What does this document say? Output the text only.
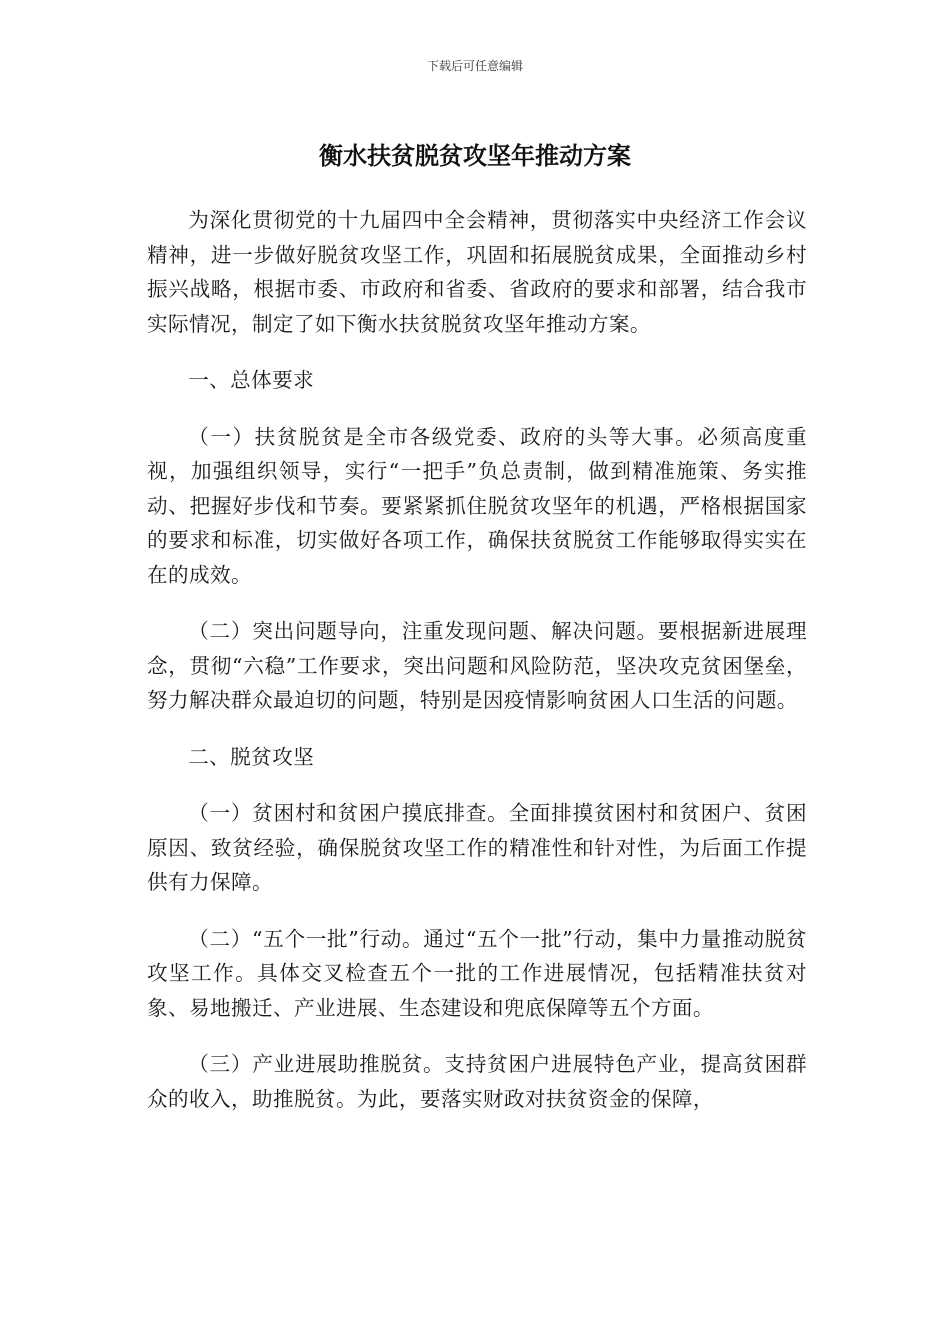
下载后可任意编辑
衡水扶贫脱贫攻坚年推动方案

为深化贯彻党的十九届四中全会精神，贯彻落实中央经济工作会议精神，进一步做好脱贫攻坚工作，巩固和拓展脱贫成果，全面推动乡村振兴战略，根据市委、市政府和省委、省政府的要求和部署，结合我市实际情况，制定了如下衡水扶贫脱贫攻坚年推动方案。

一、总体要求

（一）扶贫脱贫是全市各级党委、政府的头等大事。必须高度重视，加强组织领导，实行“一把手”负总责制，做到精准施策、务实推动、把握好步伐和节奏。要紧紧抓住脱贫攻坚年的机遇，严格根据国家的要求和标准，切实做好各项工作，确保扶贫脱贫工作能够取得实实在在的成效。

（二）突出问题导向，注重发现问题、解决问题。要根据新进展理念，贯彻“六稳”工作要求，突出问题和风险防范，坚决攻克贫困堡垒，努力解决群众最迫切的问题，特别是因疫情影响贫困人口生活的问题。

二、脱贫攻坚

（一）贫困村和贫困户摸底排查。全面排摸贫困村和贫困户、贫困原因、致贫经验，确保脱贫攻坚工作的精准性和针对性，为后面工作提供有力保障。

（二）“五个一批”行动。通过“五个一批”行动，集中力量推动脱贫攻坚工作。具体交叉检查五个一批的工作进展情况，包括精准扶贫对象、易地搬迁、产业进展、生态建设和兜底保障等五个方面。

（三）产业进展助推脱贫。支持贫困户进展特色产业，提高贫困群众的收入，助推脱贫。为此，要落实财政对扶贫资金的保障，
